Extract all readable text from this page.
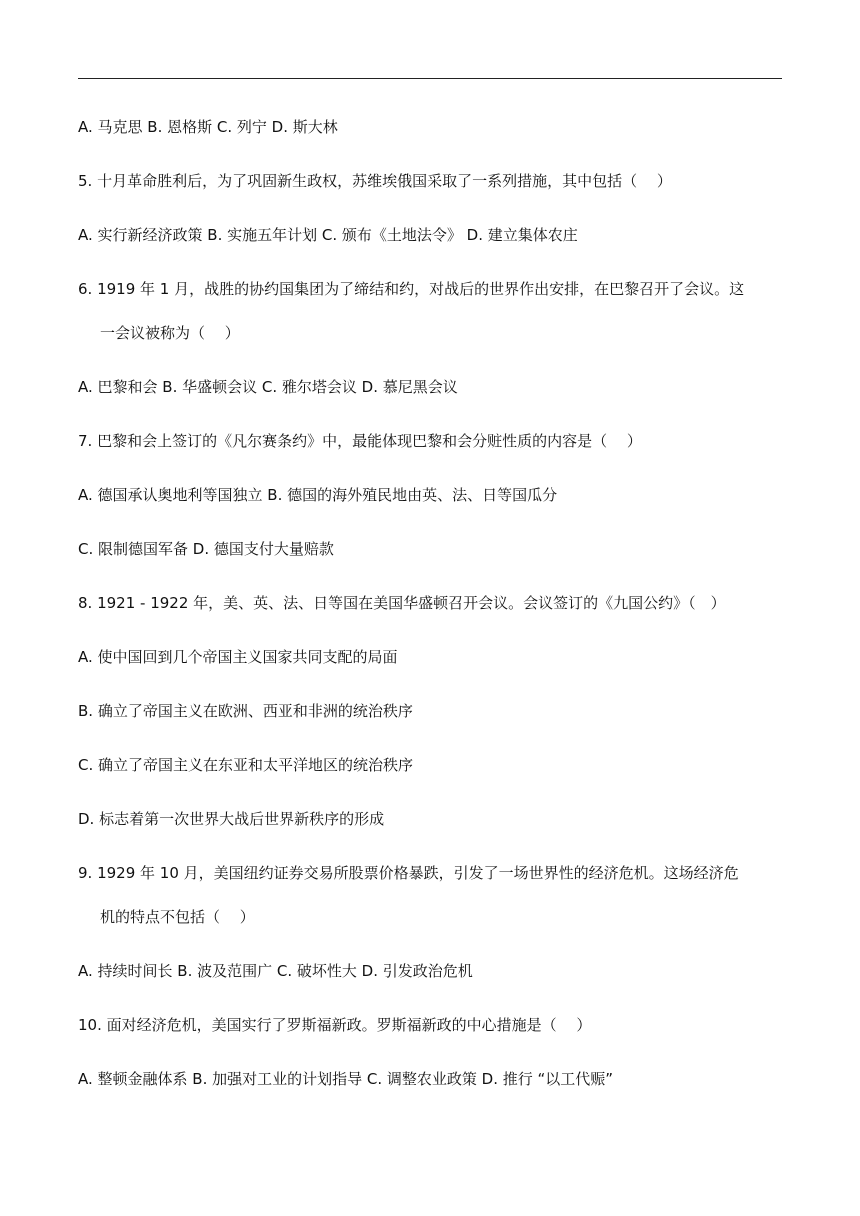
A. 马克思 B. 恩格斯 C. 列宁 D. 斯大林
5. 十月革命胜利后，为了巩固新生政权，苏维埃俄国采取了一系列措施，其中包括（　 ）
A. 实行新经济政策 B. 实施五年计划 C. 颁布《土地法令》 D. 建立集体农庄
6. 1919 年 1 月，战胜的协约国集团为了缔结和约，对战后的世界作出安排，在巴黎召开了会议。这
一会议被称为（　 ）
A. 巴黎和会 B. 华盛顿会议 C. 雅尔塔会议 D. 慕尼黑会议
7. 巴黎和会上签订的《凡尔赛条约》中，最能体现巴黎和会分赃性质的内容是（　 ）
A. 德国承认奥地利等国独立 B. 德国的海外殖民地由英、法、日等国瓜分
C. 限制德国军备 D. 德国支付大量赔款
8. 1921 - 1922 年，美、英、法、日等国在美国华盛顿召开会议。会议签订的《九国公约》（　）
A. 使中国回到几个帝国主义国家共同支配的局面
B. 确立了帝国主义在欧洲、西亚和非洲的统治秩序
C. 确立了帝国主义在东亚和太平洋地区的统治秩序
D. 标志着第一次世界大战后世界新秩序的形成
9. 1929 年 10 月，美国纽约证券交易所股票价格暴跌，引发了一场世界性的经济危机。这场经济危
机的特点不包括（　 ）
A. 持续时间长 B. 波及范围广 C. 破坏性大 D. 引发政治危机
10. 面对经济危机，美国实行了罗斯福新政。罗斯福新政的中心措施是（　 ）
A. 整顿金融体系 B. 加强对工业的计划指导 C. 调整农业政策 D. 推行 “以工代赈”
